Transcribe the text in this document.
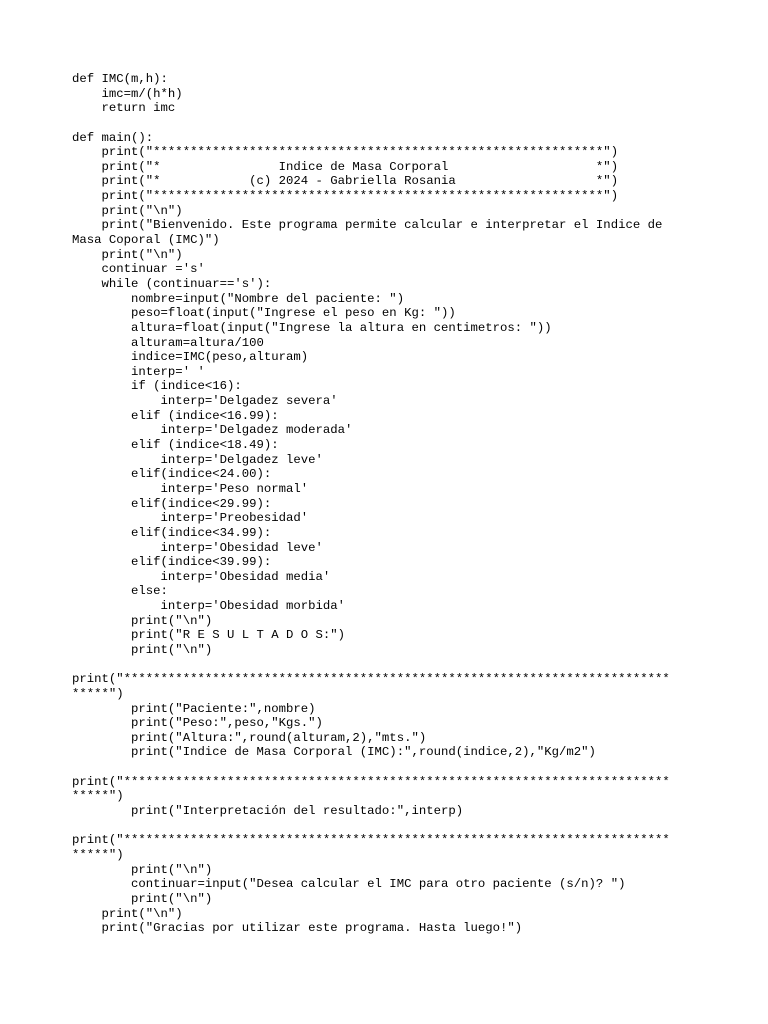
def IMC(m,h):
imc=m/(h*h)
return imc
def main():
print("*************************************************************")
print("*                Indice de Masa Corporal                    *")
print("*            (c) 2024 - Gabriella Rosania                   *")
print("*************************************************************")
print("\n")
print("Bienvenido. Este programa permite calcular e interpretar el Indice de
Masa Coporal (IMC)")
print("\n")
continuar ='s'
while (continuar=='s'):
nombre=input("Nombre del paciente: ")
peso=float(input("Ingrese el peso en Kg: "))
altura=float(input("Ingrese la altura en centimetros: "))
alturam=altura/100
indice=IMC(peso,alturam)
interp=' '
if (indice<16):
interp='Delgadez severa'
elif (indice<16.99):
interp='Delgadez moderada'
elif (indice<18.49):
interp='Delgadez leve'
elif(indice<24.00):
interp='Peso normal'
elif(indice<29.99):
interp='Preobesidad'
elif(indice<34.99):
interp='Obesidad leve'
elif(indice<39.99):
interp='Obesidad media'
else:
interp='Obesidad morbida'
print("\n")
print("R E S U L T A D O S:")
print("\n")
print("**************************************************************************
*****")
print("Paciente:",nombre)
print("Peso:",peso,"Kgs.")
print("Altura:",round(alturam,2),"mts.")
print("Indice de Masa Corporal (IMC):",round(indice,2),"Kg/m2")
print("**************************************************************************
*****")
print("Interpretación del resultado:",interp)
print("**************************************************************************
*****")
print("\n")
continuar=input("Desea calcular el IMC para otro paciente (s/n)? ")
print("\n")
print("\n")
print("Gracias por utilizar este programa. Hasta luego!")
